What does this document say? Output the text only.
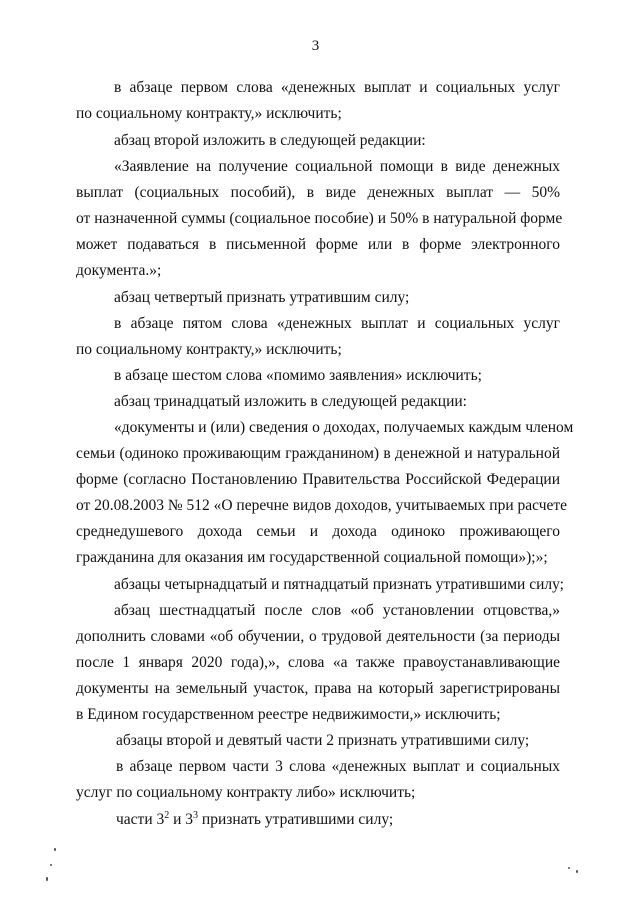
3
в абзаце первом слова «денежных выплат и социальных услуг
по социальному контракту,» исключить;
абзац второй изложить в следующей редакции:
«Заявление на получение социальной помощи в виде денежных
выплат (социальных пособий), в виде денежных выплат — 50%
от назначенной суммы (социальное пособие) и 50% в натуральной форме
может подаваться в письменной форме или в форме электронного
документа.»;
абзац четвертый признать утратившим силу;
в абзаце пятом слова «денежных выплат и социальных услуг
по социальному контракту,» исключить;
в абзаце шестом слова «помимо заявления» исключить;
абзац тринадцатый изложить в следующей редакции:
«документы и (или) сведения о доходах, получаемых каждым членом
семьи (одиноко проживающим гражданином) в денежной и натуральной
форме (согласно Постановлению Правительства Российской Федерации
от 20.08.2003 № 512 «О перечне видов доходов, учитываемых при расчете
среднедушевого дохода семьи и дохода одиноко проживающего
гражданина для оказания им государственной социальной помощи»);»;
абзацы четырнадцатый и пятнадцатый признать утратившими силу;
абзац шестнадцатый после слов «об установлении отцовства,»
дополнить словами «об обучении, о трудовой деятельности (за периоды
после 1 января 2020 года),», слова «а также правоустанавливающие
документы на земельный участок, права на который зарегистрированы
в Едином государственном реестре недвижимости,» исключить;
абзацы второй и девятый части 2 признать утратившими силу;
в абзаце первом части 3 слова «денежных выплат и социальных
услуг по социальному контракту либо» исключить;
части $3^2$ и $3^3$ признать утратившими силу;
